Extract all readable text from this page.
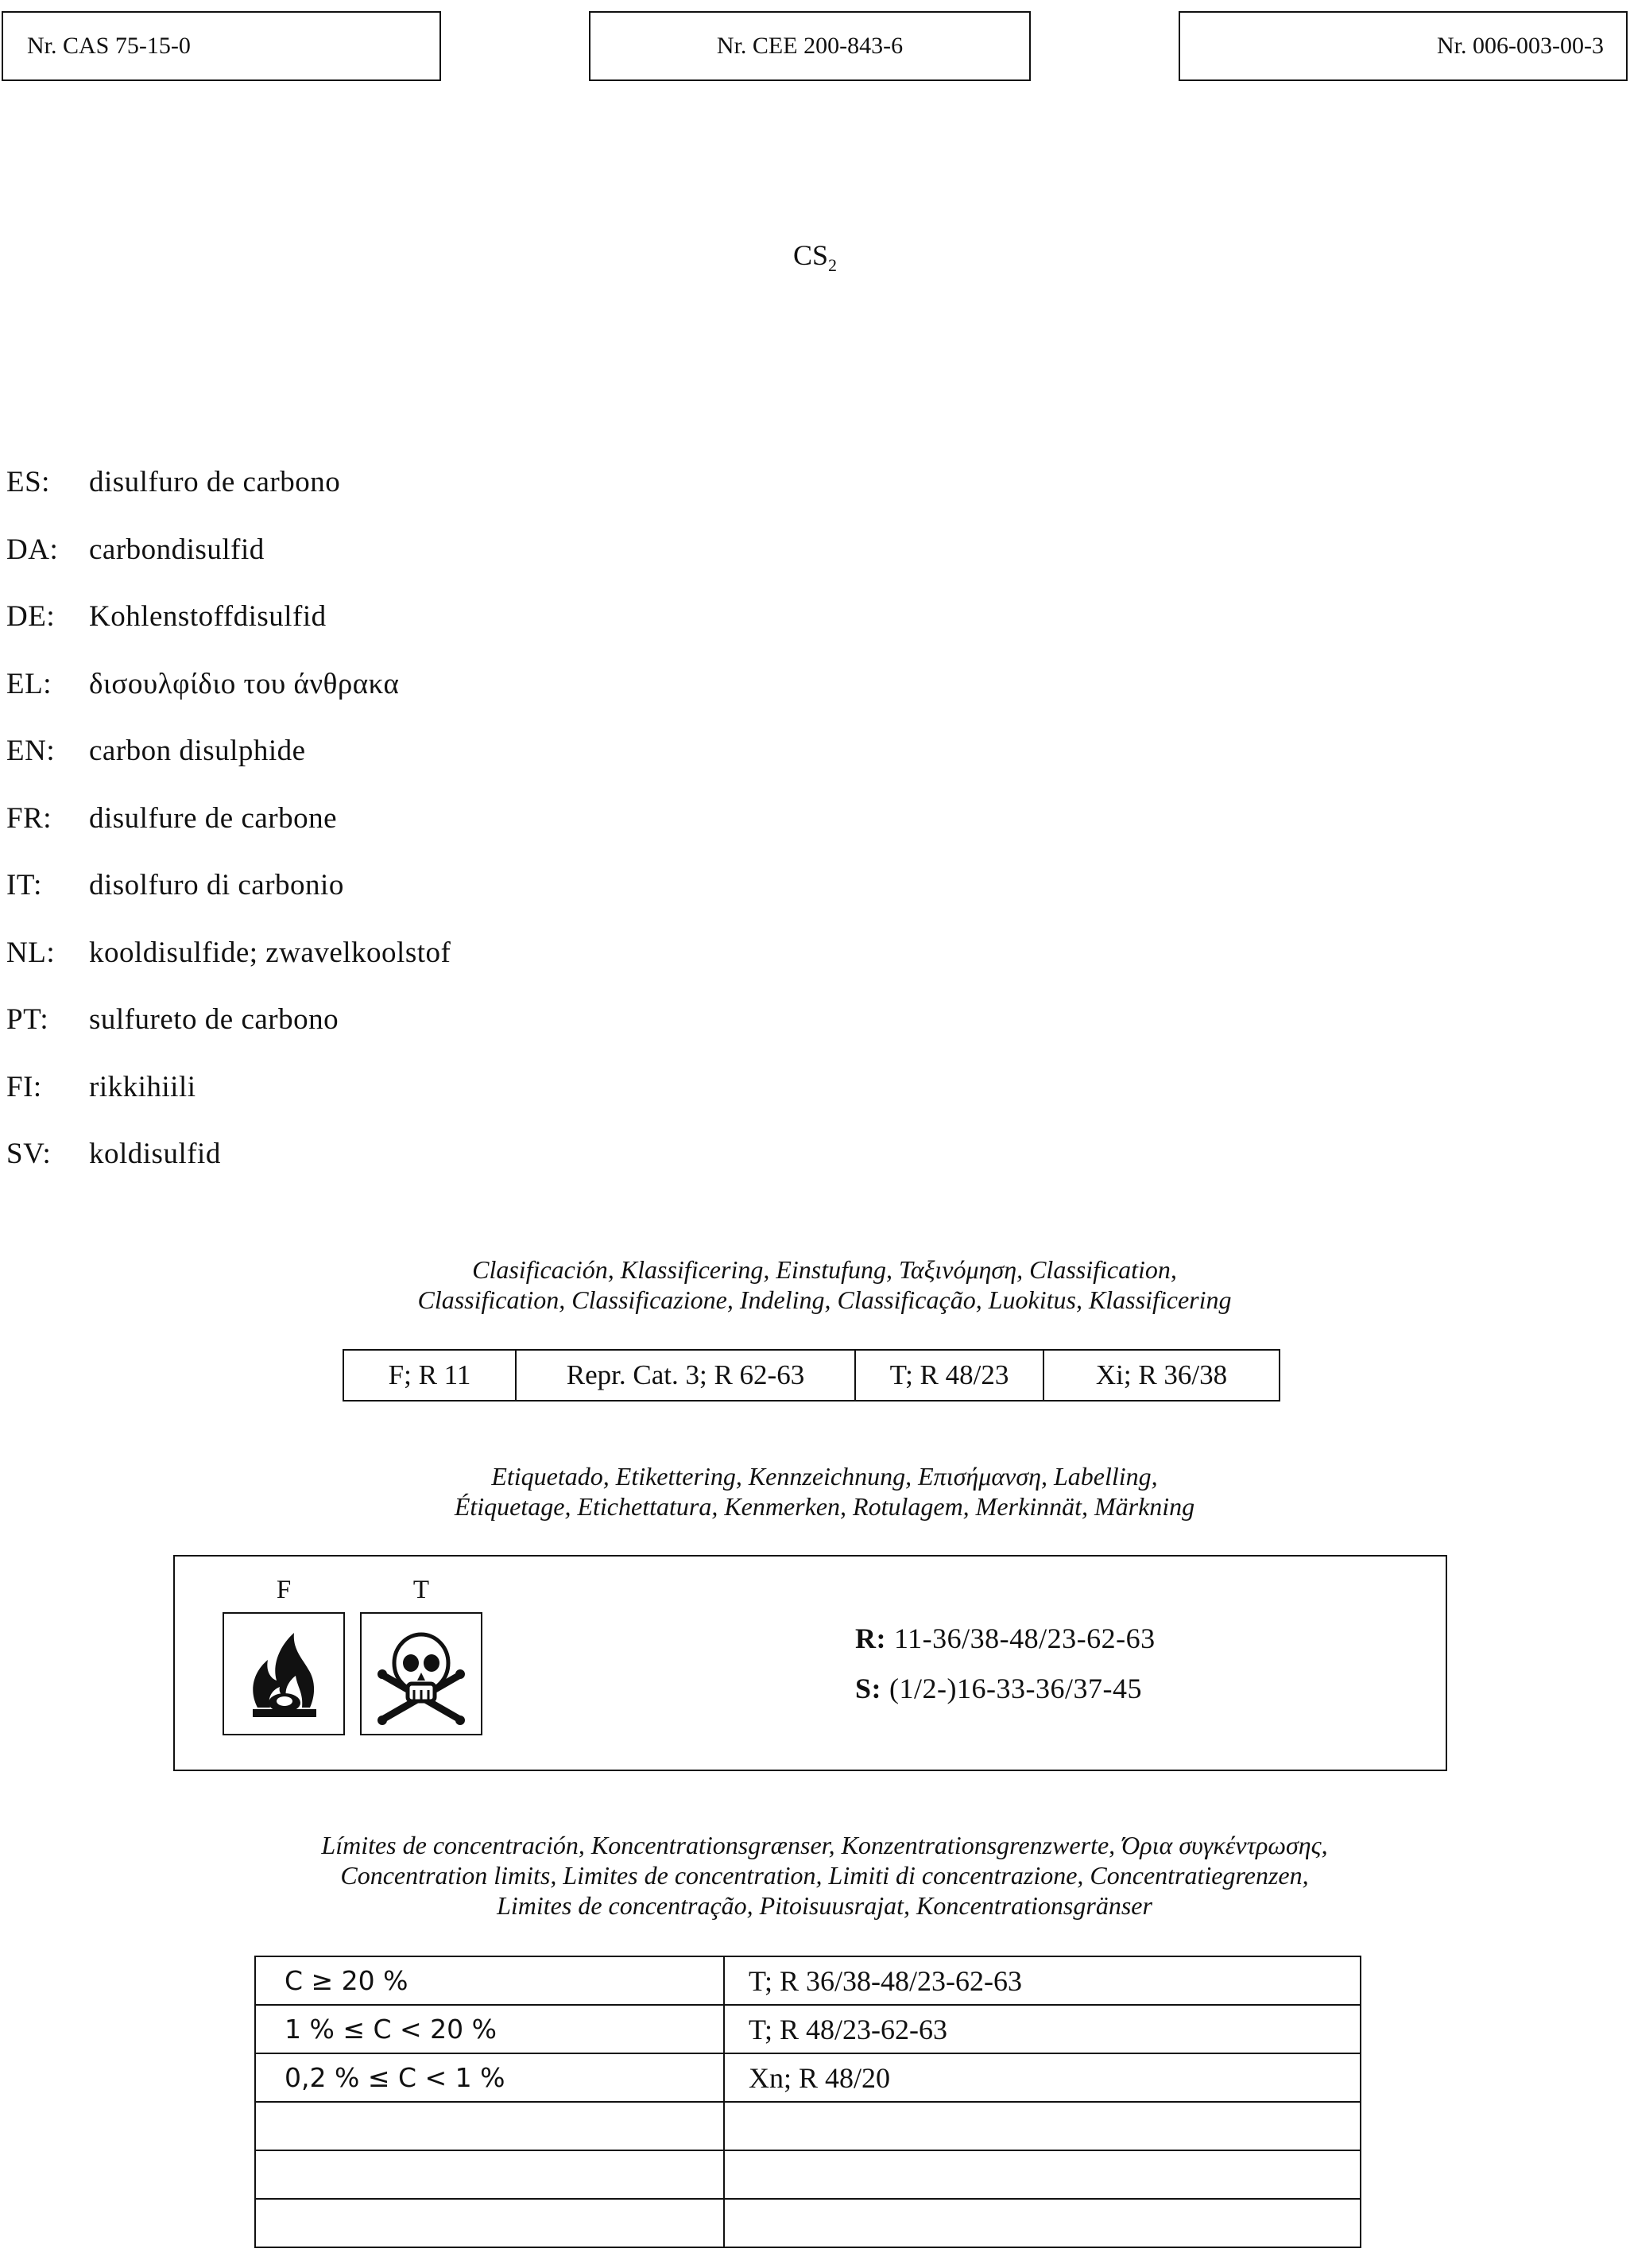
Nr. CAS 75-15-0	Nr. CEE 200-843-6	Nr. 006-003-00-3
$CS_2$
ES:	disulfuro de carbono
DA:	carbondisulfid
DE:	Kohlenstoffdisulfid
EL:	δισουλφίδιο του άνθρακα
EN:	carbon disulphide
FR:	disulfure de carbone
IT:	disolfuro di carbonio
NL:	kooldisulfide; zwavelkoolstof
PT:	sulfureto de carbono
FI:	rikkihiili
SV:	koldisulfid
Clasificación, Klassificering, Einstufung, Ταξινόμηση, Classification,
Classification, Classificazione, Indeling, Classificação, Luokitus, Klassificering
F; R 11	Repr. Cat. 3; R 62-63	T; R 48/23	Xi; R 36/38
Etiquetado, Etikettering, Kennzeichnung, Επισήμανση, Labelling,
Étiquetage, Etichettatura, Kenmerken, Rotulagem, Merkinnät, Märkning
F	T
R: 11-36/38-48/23-62-63
S: (1/2-)16-33-36/37-45
Límites de concentración, Koncentrationsgrænser, Konzentrationsgrenzwerte, Όρια συγκέντρωσης,
Concentration limits, Limites de concentration, Limiti di concentrazione, Concentratiegrenzen,
Limites de concentração, Pitoisuusrajat, Koncentrationsgränser
C ≥ 20 %	T; R 36/38-48/23-62-63
1 % ≤ C < 20 %	T; R 48/23-62-63
0,2 % ≤ C < 1 %	Xn; R 48/20
